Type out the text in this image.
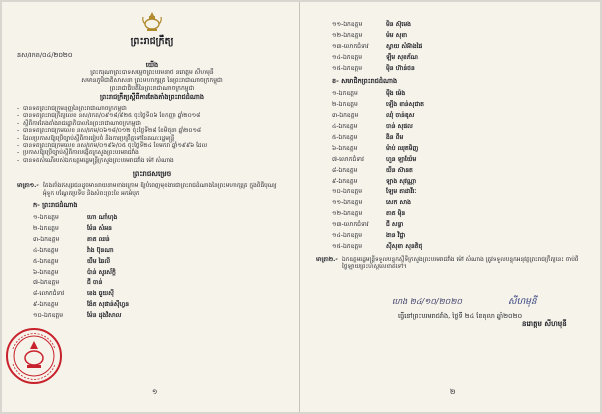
ព្រះរាជក្រឹត្យ
នស/រកត/០៤/២០២០
យើង
ព្រះករុណាព្រះបាទសម្តេចព្រះបរមនាថ នរោត្តម សីហមុនី
សមានភូមិជាតិសាសនា ព្រះមហាក្សត្រ នៃព្រះរាជាណាចក្រកម្ពុជា
ព្រះរាជាធិបតីនៃព្រះរាជាណាចក្រកម្ពុជា
ព្រះរាជក្រឹត្យស្តីពីការតែងតាំងព្រះរាជដំណាង
- បានទតព្រះរាជក្រមនុញ្ញនៃព្រះរាជាណាចក្រកម្ពុជា
- បានទតព្រះរាជក្រឹត្យលេខ នស/រកត/០៩១៨/៩២៥ ចុះថ្ងៃទី០៦ ខែកញ្ញា ឆ្នាំ២០១៨
- ស្តីពីការតែងតាំងរាជរដ្ឋាភិបាលនៃព្រះរាជាណាចក្រកម្ពុជា
- បានទតព្រះរាជក្រមលេខ នស/រកម/០៦១៨/០១២ ចុះថ្ងៃទី២៨ ខែមិថុនា ឆ្នាំ២០១៨
- ដែលប្រកាសឱ្យប្រើច្បាប់ស្តីពីការរៀបចំ និងការប្រព្រឹត្តទៅនៃគណៈរដ្ឋមន្ត្រី
- បានទតព្រះរាជក្រមលេខ នស/រកម/០១៩៦/០៥ ចុះថ្ងៃទី២៤ ខែមករា ឆ្នាំ១៩៩៦ ដែល
- ប្រកាសឱ្យប្រើច្បាប់ស្តីពីការបង្កើតក្រសួងព្រះបរមរាជវាំង
- បានទតសំណើរបស់ឯកឧត្តមរដ្ឋមន្ត្រីក្រសួងព្រះបរមរាជវាំង ម៉ៅ សំណាង
ព្រះរាជសម្រេច
មាត្រា១.- តែងតាំងឥស្សរជនដូចមានរាយនាមខាងក្រោម ឱ្យបំពេញមុខងារជាព្រះរាជដំណាងនៃព្រះមហាក្សត្រ ក្នុងពិធីបុណ្យអុំទូក បណ្តែតប្រទីប និងសំពះព្រះខែ អកអំបុក
ក- ព្រះរាជដំណាង
១-ឯកឧត្តម	ហោ ណាំហុង
២-ឯកឧត្តម	ម៉ែន សំអន
៣-ឯកឧត្តម	គាត ឈន់
៤-ឯកឧត្តម	វ៉ាង ប៊ុនណា
៥-ឯកឧត្តម	យឹម ឆៃលី
៦-ឯកឧត្តម	ប៉ាន់ សូរស័ក្តិ
៧-ឯកឧត្តម	ជី ចាន់
៨-លោកជំទាវ	ខេង ធួយស៊ី
៩-ឯកឧត្តម	ង៉ែត សុផាន់ស៊ីហ្វន
១០-ឯកឧត្តម	ម៉ែន ដុងវិសាល
១
១១-ឯកឧត្តម	មិន ស៊ុមេង
១២-ឯកឧត្តម	ម៉ម សុខា
១៣-លោកជំទាវ	ស្វាយ សំអ៊ាងផៃ
១៤-ឯកឧត្តម	ឡឹម សុខភ័ណ
១៥-ឯកឧត្តម	ម៉ិន ហ៊ាន់ថន
ខ- សមាជិកព្រះរាជដំណាង
១-ឯកឧត្តម	ម៉ីង ម៉េង
២-ឯកឧត្តម	ឡើង ខាន់សុជាត
៣-ឯកឧត្តម	ឈុំ ចាន់ឌុស
៤-ឯកឧត្តម	ចាន់ សុផល
៥-ឯកឧត្តម	ងិន ពីម
៦-ឯកឧត្តម	ម៉ាប់ ឈុតមិញ
៧-លោកជំទាវ	ហួន ឡាយ៉ែម
៨-ឯកឧត្តម	យីន ស៊ានត
៩-ឯកឧត្តម	ឡាង សុវណ្ណា
១០-ឯកឧត្តម	ឡែម តាដាវីរៈ
១១-ឯកឧត្តម	សេក សាង
១២-ឯកឧត្តម	តាត ម៉ិន
១៣-លោកជំទាវ	ជី សន្ធា
១៤-ឯកឧត្តម	ងាន វិជ្ជា
១៥-ឯកឧត្តម	ស៊ីសុខា សុនតិថុ
មាត្រា២.- ឯកឧត្តមរដ្ឋមន្ត្រីទទួលបន្ទុកស្តីទីក្រសួងព្រះបរមរាជវាំង ម៉ៅ សំណាង ត្រូវទទួលបន្ទុកអនុវត្តព្រះរាជក្រឹត្យនេះ ចាប់ពីថ្ងៃឡាយព្រះហស្តលេខាតទៅ។
ហេង ២៤/១០/២០២០	សីហមុនី
ធ្វើនៅព្រះបរមរាជវាំង, ថ្ងៃទី ២៤ ខែតុលា ឆ្នាំ២០២០
នរោត្តម សីហមុនី
២
